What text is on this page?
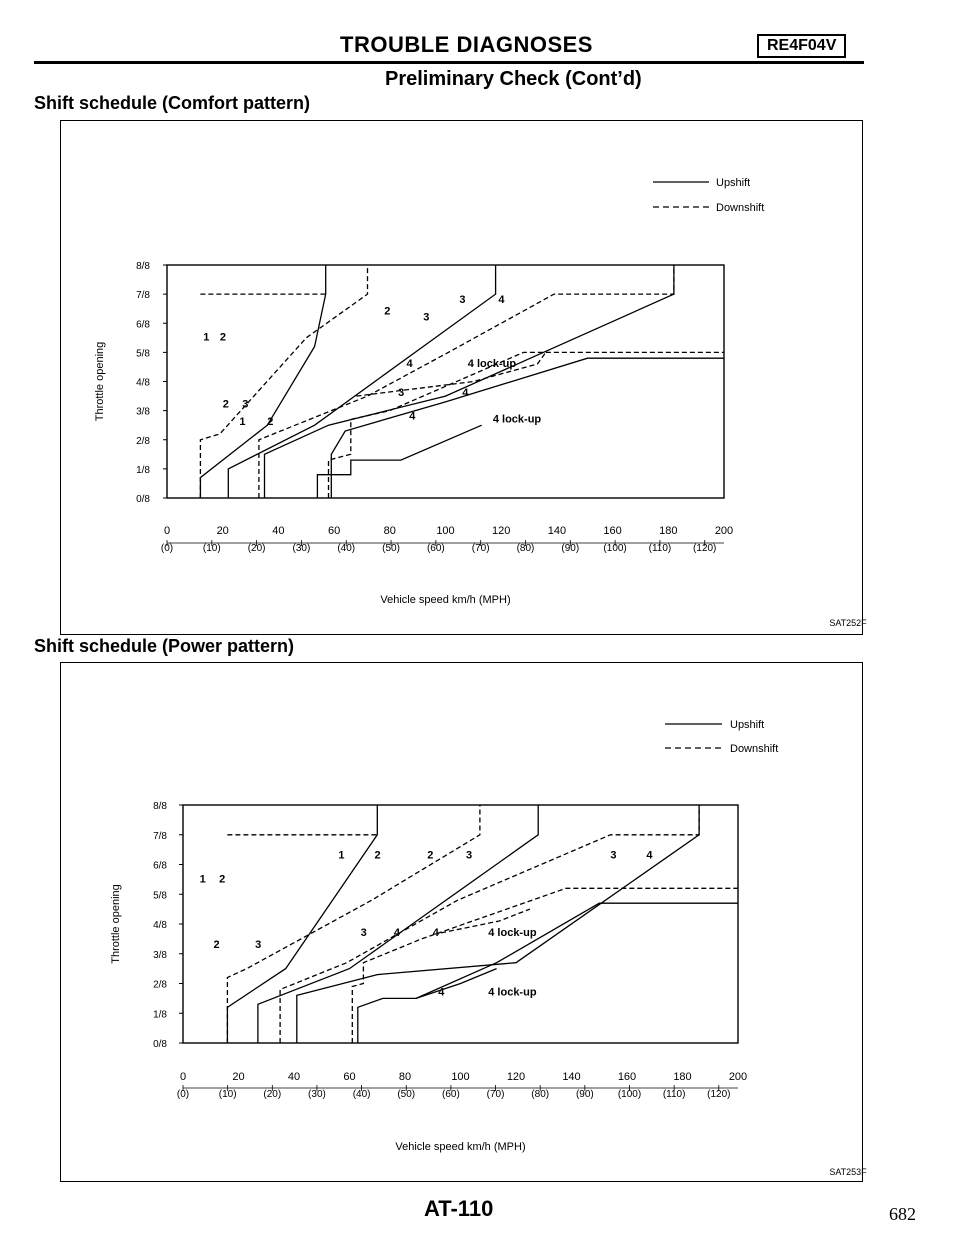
TROUBLE DIAGNOSES	RE4F04V
Preliminary Check (Cont’d)
Shift schedule (Comfort pattern)
Shift schedule (Power pattern)
0/8
1/8
2/8
3/8
4/8
5/8
6/8
7/8
8/8
0	20	40	60	80	100	120	140	160	180	200
(0)	(10)	(20)	(30)	(40)	(50)	(60)	(70)	(80)	(90) (100) (110) (120)
Vehicle speed km/h (MPH)
Throttle opening
SAT252F
Upshift
Downshift
1 2
2 3
1 2
2	3
3	4
4	4 lock-up
3	4
4	4 lock-up
0/8
1/8
2/8
3/8
4/8
5/8
6/8
7/8
8/8
0	20	40	60	80	100	120	140	160	180	200
(0)	(10)	(20)	(30)	(40)	(50)	(60)	(70)	(80)	(90) (100) (110) (120)
Vehicle speed km/h (MPH)
Throttle opening
SAT253F
Upshift
Downshift
1 2
1	2	2	3	3	4
2	3
3 4	4	4 lock-up
4	4 lock-up
AT-110	682
